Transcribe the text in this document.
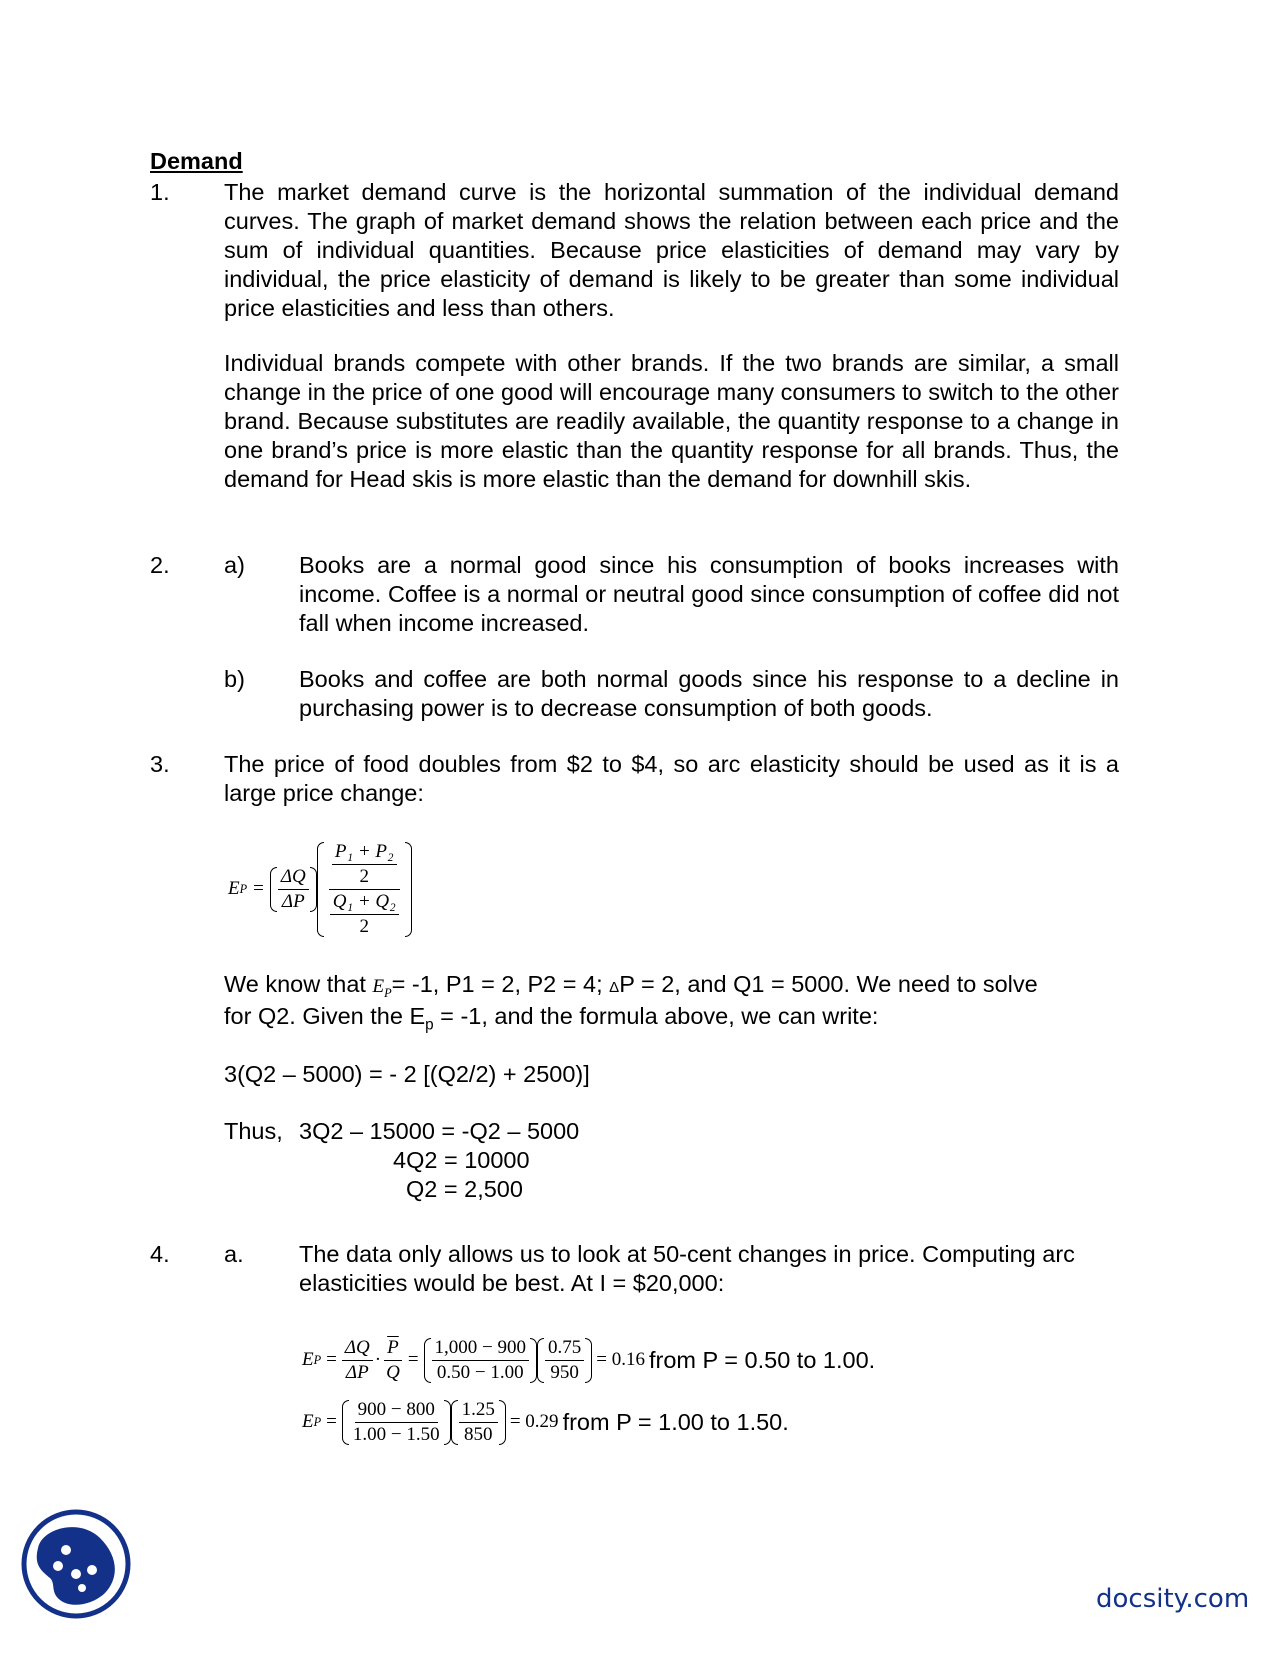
Demand
1. The market demand curve is the horizontal summation of the individual demand curves. The graph of market demand shows the relation between each price and the sum of individual quantities. Because price elasticities of demand may vary by individual, the price elasticity of demand is likely to be greater than some individual price elasticities and less than others.
Individual brands compete with other brands. If the two brands are similar, a small change in the price of one good will encourage many consumers to switch to the other brand. Because substitutes are readily available, the quantity response to a change in one brand’s price is more elastic than the quantity response for all brands. Thus, the demand for Head skis is more elastic than the demand for downhill skis.
2. a) Books are a normal good since his consumption of books increases with income. Coffee is a normal or neutral good since consumption of coffee did not fall when income increased.
b) Books and coffee are both normal goods since his response to a decline in purchasing power is to decrease consumption of both goods.
3. The price of food doubles from $2 to $4, so arc elasticity should be used as it is a large price change:
E $P = \frac{\Delta Q}{\Delta P} \frac{\frac{\text{P₁ + P₂}}{2}}{\frac{\text{Q₁ + Q₂}}{2}}$
We know that $E_P= -1$, P1 = 2, P2 = 4; ΔP = 2, and Q1 = 5000. We need to solve
for Q2. Given the $E_p = -1$, and the formula above, we can write:
3(Q2 – 5000) = - 2 [(Q2/2) + 2500)]
Thus, 3Q2 – 15000 = -Q2 – 5000
4Q2 = 10000
Q2 = 2,500
4. a. The data only allows us to look at 50-cent changes in price. Computing arc elasticities would be best. At I = $20,000:
E $P = \frac{\Delta Q}{\Delta P} \cdot \frac{\overline{P}}{Q} = \frac{1,000 - 900}{0.50 - 1.00} \frac{0.75}{950} = 0.16$ from P = 0.50 to 1.00.
E $P = \frac{900 - 800}{1.00 - 1.50} \frac{1.25}{850} = 0.29$ from P = 1.00 to 1.50.
docsity.com
